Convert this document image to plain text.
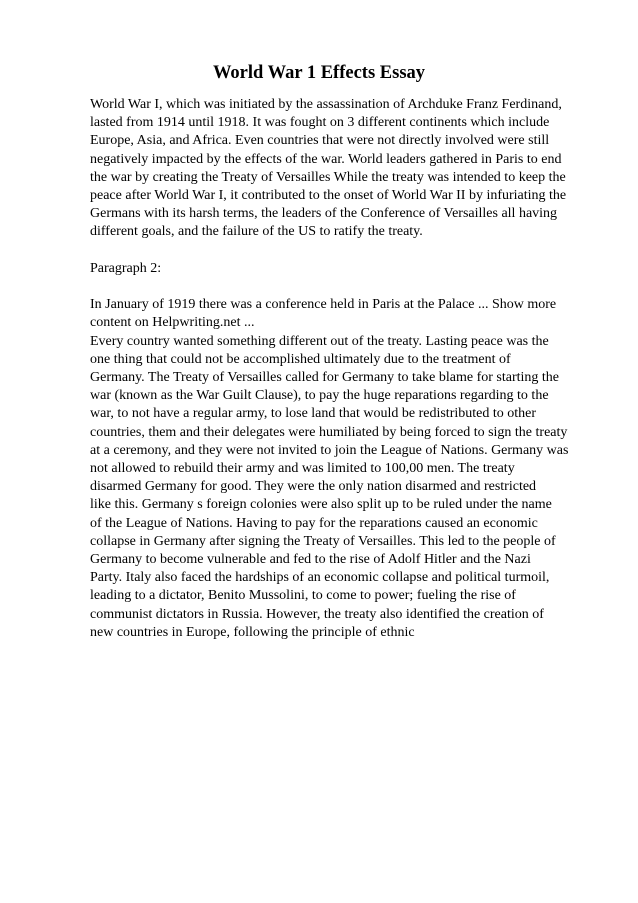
World War 1 Effects Essay

World War I, which was initiated by the assassination of Archduke Franz Ferdinand,
lasted from 1914 until 1918. It was fought on 3 different continents which include
Europe, Asia, and Africa. Even countries that were not directly involved were still
negatively impacted by the effects of the war. World leaders gathered in Paris to end
the war by creating the Treaty of Versailles While the treaty was intended to keep the
peace after World War I, it contributed to the onset of World War II by infuriating the
Germans with its harsh terms, the leaders of the Conference of Versailles all having
different goals, and the failure of the US to ratify the treaty.

Paragraph 2:

In January of 1919 there was a conference held in Paris at the Palace ... Show more
content on Helpwriting.net ...
Every country wanted something different out of the treaty. Lasting peace was the
one thing that could not be accomplished ultimately due to the treatment of
Germany. The Treaty of Versailles called for Germany to take blame for starting the
war (known as the War Guilt Clause), to pay the huge reparations regarding to the
war, to not have a regular army, to lose land that would be redistributed to other
countries, them and their delegates were humiliated by being forced to sign the treaty
at a ceremony, and they were not invited to join the League of Nations. Germany was
not allowed to rebuild their army and was limited to 100,00 men. The treaty
disarmed Germany for good. They were the only nation disarmed and restricted
like this. Germany s foreign colonies were also split up to be ruled under the name
of the League of Nations. Having to pay for the reparations caused an economic
collapse in Germany after signing the Treaty of Versailles. This led to the people of
Germany to become vulnerable and fed to the rise of Adolf Hitler and the Nazi
Party. Italy also faced the hardships of an economic collapse and political turmoil,
leading to a dictator, Benito Mussolini, to come to power; fueling the rise of
communist dictators in Russia. However, the treaty also identified the creation of
new countries in Europe, following the principle of ethnic
